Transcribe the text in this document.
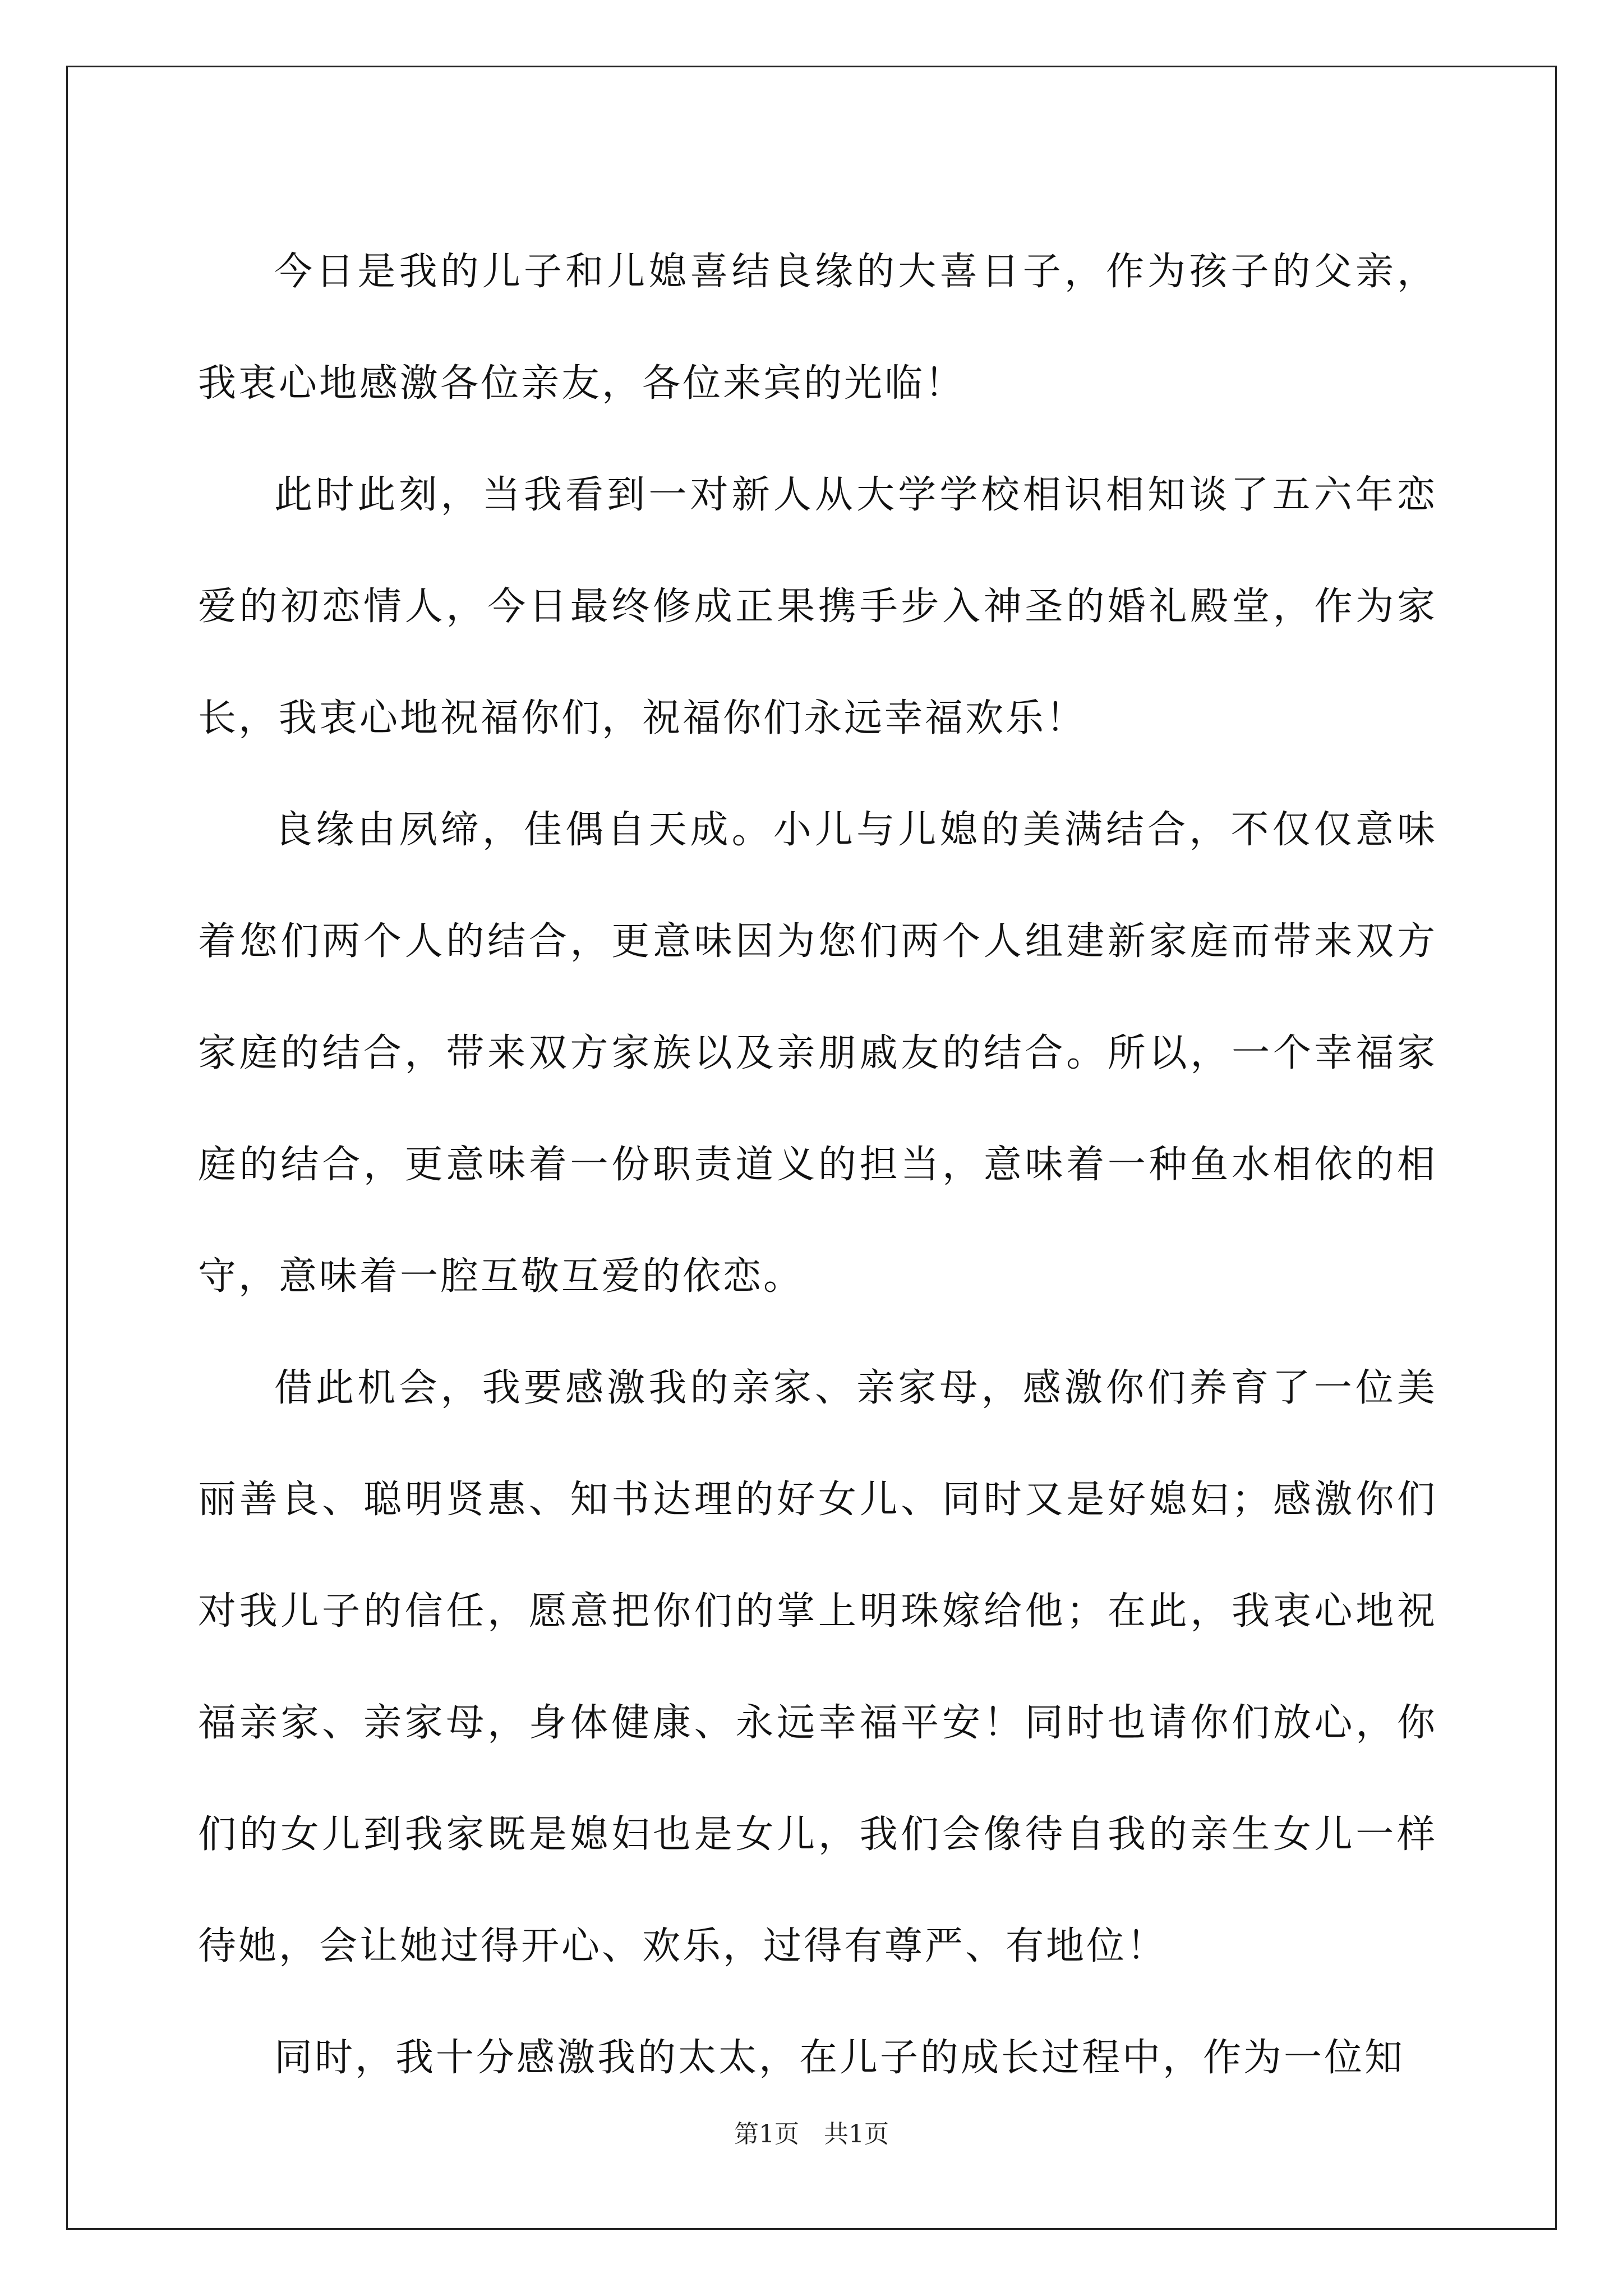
今日是我的儿子和儿媳喜结良缘的大喜日子，作为孩子的父亲，我衷心地感激各位亲友，各位来宾的光临！

此时此刻，当我看到一对新人从大学学校相识相知谈了五六年恋爱的初恋情人，今日最终修成正果携手步入神圣的婚礼殿堂，作为家长，我衷心地祝福你们，祝福你们永远幸福欢乐！

良缘由夙缔，佳偶自天成。小儿与儿媳的美满结合，不仅仅意味着您们两个人的结合，更意味因为您们两个人组建新家庭而带来双方家庭的结合，带来双方家族以及亲朋戚友的结合。所以，一个幸福家庭的结合，更意味着一份职责道义的担当，意味着一种鱼水相依的相守，意味着一腔互敬互爱的依恋。

借此机会，我要感激我的亲家、亲家母，感激你们养育了一位美丽善良、聪明贤惠、知书达理的好女儿、同时又是好媳妇；感激你们对我儿子的信任，愿意把你们的掌上明珠嫁给他；在此，我衷心地祝福亲家、亲家母，身体健康、永远幸福平安！同时也请你们放心，你们的女儿到我家既是媳妇也是女儿，我们会像待自我的亲生女儿一样待她，会让她过得开心、欢乐，过得有尊严、有地位！

同时，我十分感激我的太太，在儿子的成长过程中，作为一位知

第1页　共1页
